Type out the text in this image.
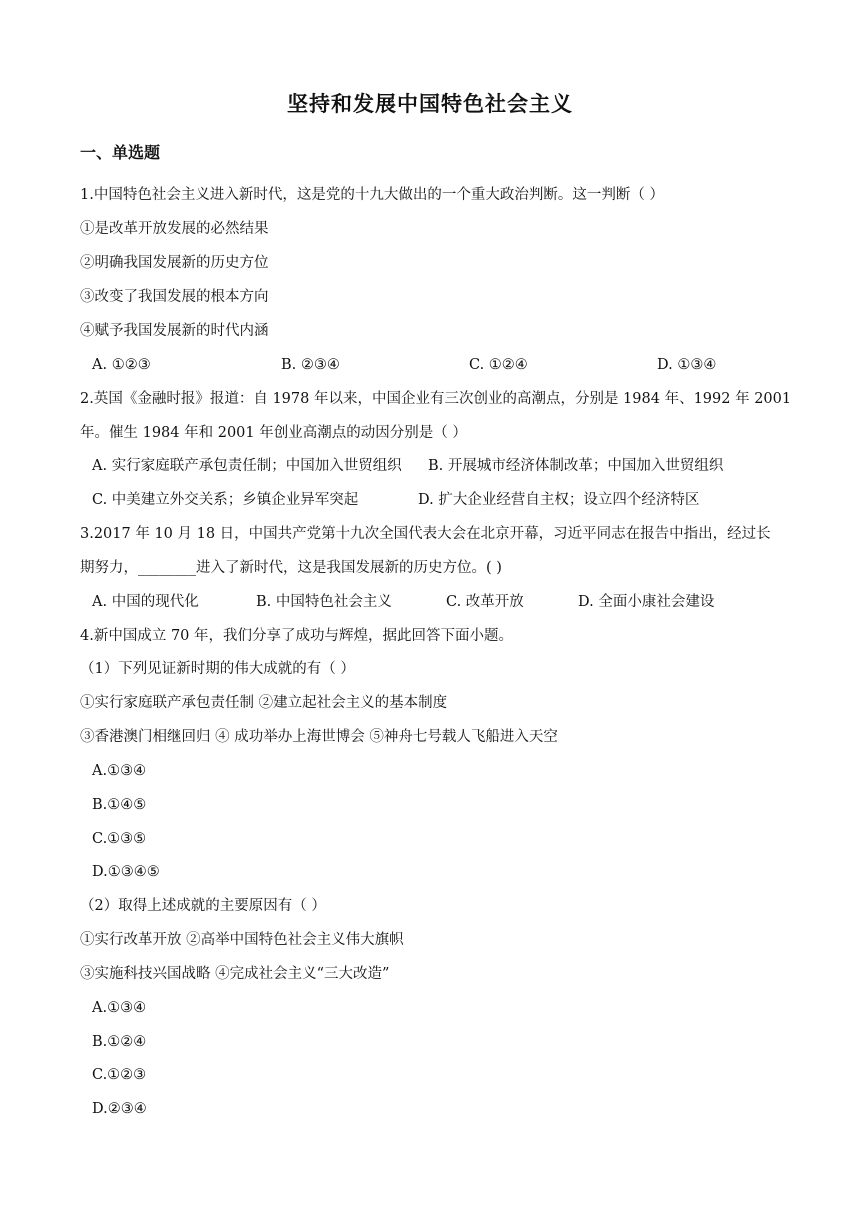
坚持和发展中国特色社会主义
一、单选题
1.中国特色社会主义进入新时代，这是党的十九大做出的一个重大政治判断。这一判断（ ）
①是改革开放发展的必然结果
②明确我国发展新的历史方位
③改变了我国发展的根本方向
④赋予我国发展新的时代内涵
A. ①②③	B. ②③④	C. ①②④	D. ①③④
2.英国《金融时报》报道：自 1978 年以来，中国企业有三次创业的高潮点，分别是 1984 年、1992 年 2001
年。催生 1984 年和 2001 年创业高潮点的动因分别是（ ）
A. 实行家庭联产承包责任制；中国加入世贸组织 B. 开展城市经济体制改革；中国加入世贸组织
C. 中美建立外交关系；乡镇企业异军突起	D. 扩大企业经营自主权；设立四个经济特区
3.2017 年 10 月 18 日，中国共产党第十九次全国代表大会在北京开幕，习近平同志在报告中指出，经过长
期努力，________进入了新时代，这是我国发展新的历史方位。( )
A. 中国的现代化	B. 中国特色社会主义	C. 改革开放	D. 全面小康社会建设
4.新中国成立 70 年，我们分享了成功与辉煌，据此回答下面小题。
（1）下列见证新时期的伟大成就的有（ ）
①实行家庭联产承包责任制 ②建立起社会主义的基本制度
③香港澳门相继回归 ④ 成功举办上海世博会 ⑤神舟七号载人飞船进入天空
A.①③④
B.①④⑤
C.①③⑤
D.①③④⑤
（2）取得上述成就的主要原因有（ ）
①实行改革开放 ②高举中国特色社会主义伟大旗帜
③实施科技兴国战略 ④完成社会主义“三大改造”
A.①③④
B.①②④
C.①②③
D.②③④
